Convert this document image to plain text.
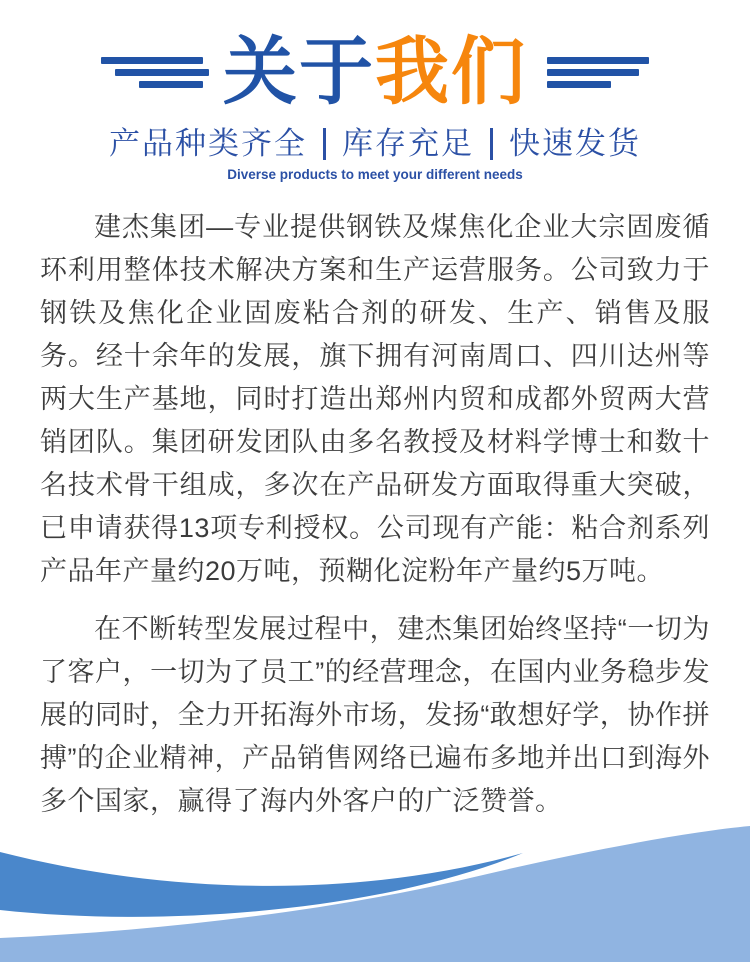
关于我们
产品种类齐全 库存充足 快速发货
Diverse products to meet your different needs

建杰集团—专业提供钢铁及煤焦化企业大宗固废循环利用整体技术解决方案和生产运营服务。公司致力于钢铁及焦化企业固废粘合剂的研发、生产、销售及服务。经十余年的发展，旗下拥有河南周口、四川达州等两大生产基地，同时打造出郑州内贸和成都外贸两大营销团队。集团研发团队由多名教授及材料学博士和数十名技术骨干组成，多次在产品研发方面取得重大突破，已申请获得13项专利授权。公司现有产能：粘合剂系列产品年产量约20万吨，预糊化淀粉年产量约5万吨。

在不断转型发展过程中，建杰集团始终坚持“一切为了客户，一切为了员工”的经营理念，在国内业务稳步发展的同时，全力开拓海外市场，发扬“敢想好学，协作拼搏”的企业精神，产品销售网络已遍布多地并出口到海外多个国家，赢得了海内外客户的广泛赞誉。
